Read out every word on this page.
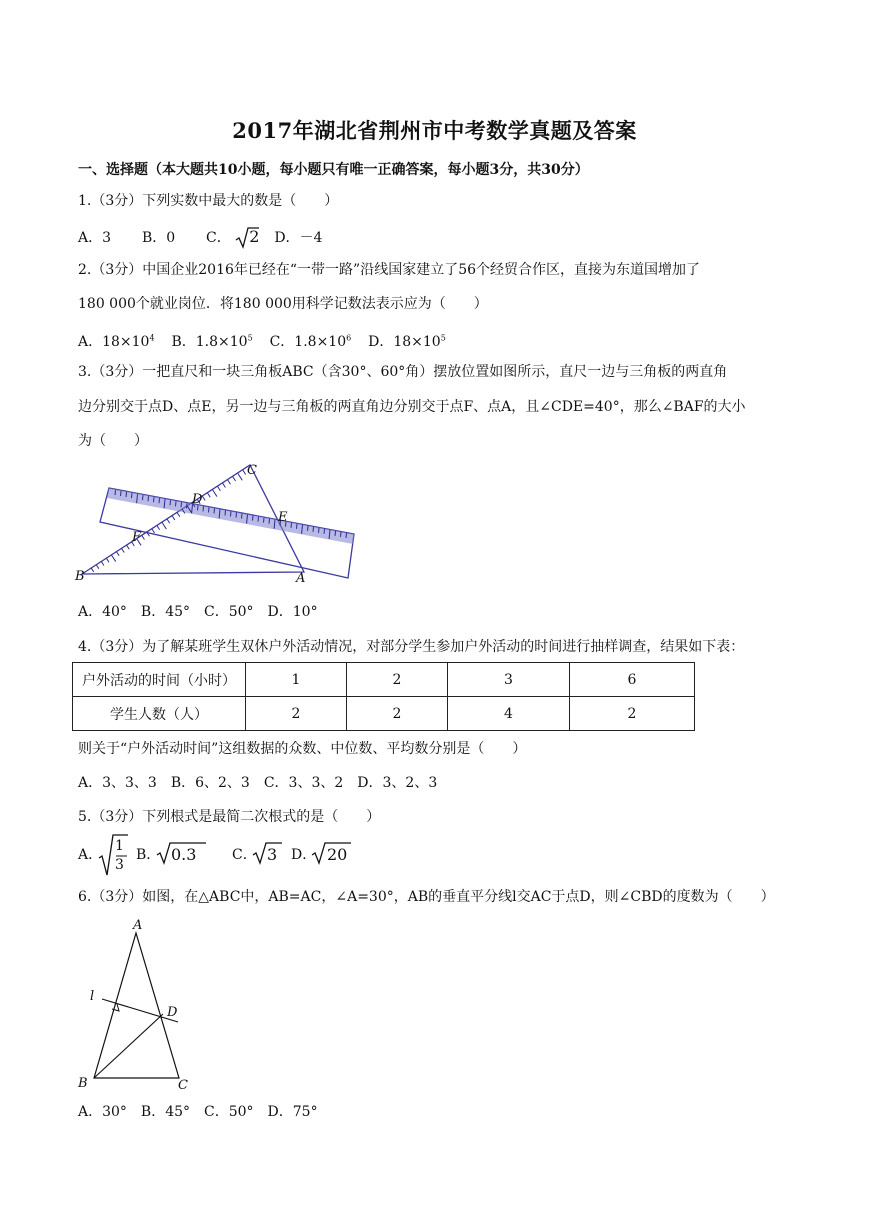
2017年湖北省荆州市中考数学真题及答案
一、选择题（本大题共10小题，每小题只有唯一正确答案，每小题3分，共30分）
1.（3分）下列实数中最大的数是（　　）
A．3 B．0 C． 2 D．－4
2.（3分）中国企业2016年已经在“一带一路”沿线国家建立了56个经贸合作区，直接为东道国增加了
180 000个就业岗位．将180 000用科学记数法表示应为（　　）
A．$18\times 10^4$ B．$1.8\times 10^5$ C．$1.8\times 10^6$ D．$18\times 10^5$
3.（3分）一把直尺和一块三角板ABC（含30°、60°角）摆放位置如图所示，直尺一边与三角板的两直角
边分别交于点D、点E，另一边与三角板的两直角边分别交于点F、点A，且∠CDE=40°，那么∠BAF的大小
为（　　）
C
D
E
F
B	A
A．40°　B．45°　C．50°　D．10°
4.（3分）为了解某班学生双休户外活动情况，对部分学生参加户外活动的时间进行抽样调查，结果如下表：
户外活动的时间（小时）	1	2	3	6
学生人数（人）	2	2	4	2
则关于“户外活动时间”这组数据的众数、中位数、平均数分别是（　　）
A．3、3、3　B．6、2、3　C．3、3、2　D．3、2、3
5.（3分）下列根式是最简二次根式的是（　　）
A．
1
3
B． 0.3	C． 3 D． 20
6.（3分）如图，在△ABC中，AB=AC，∠A=30°，AB的垂直平分线l交AC于点D，则∠CBD的度数为（　　）
A
l
D
B	C
A．30°　B．45°　C．50°　D．75°
